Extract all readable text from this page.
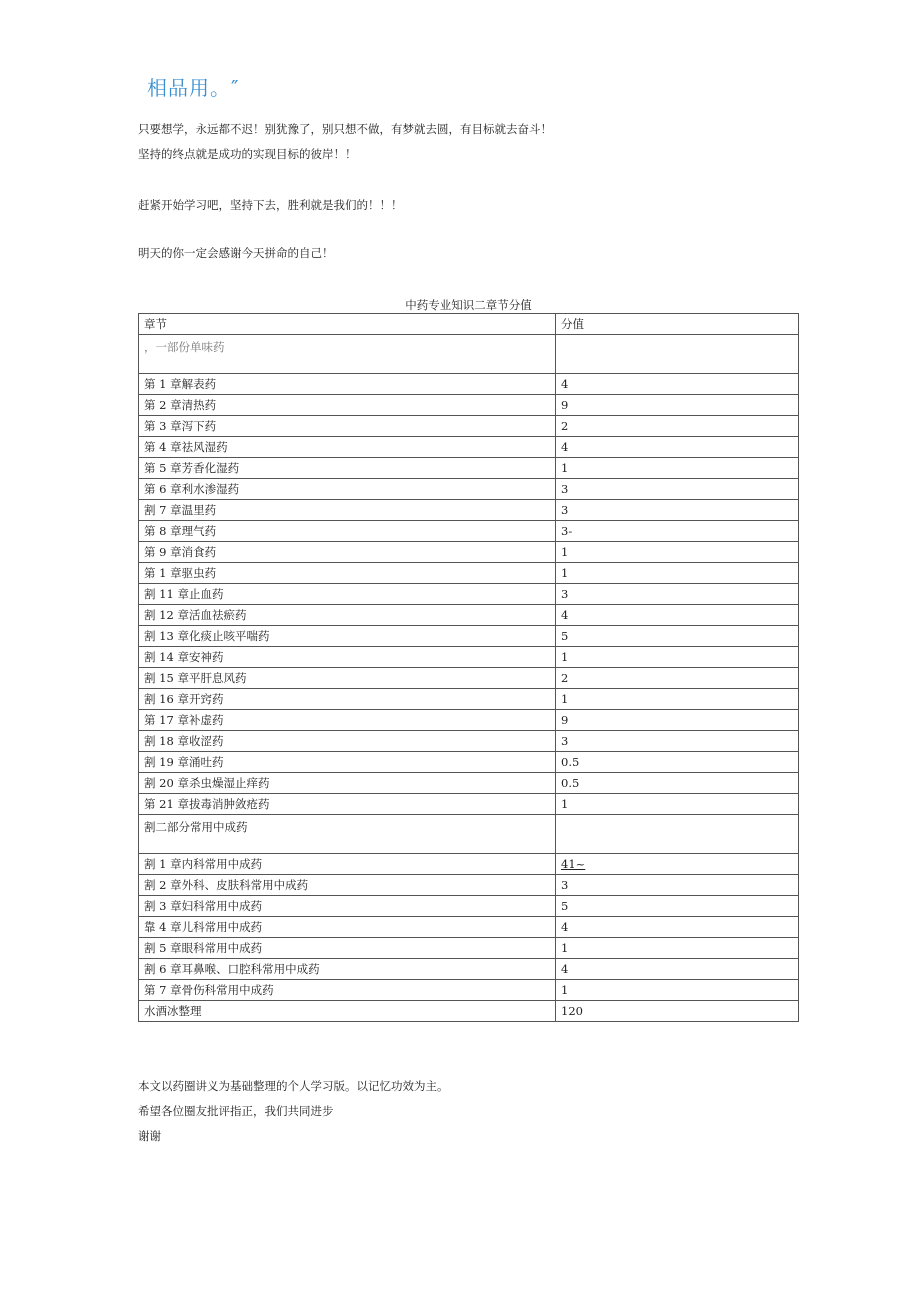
相品用。″
只要想学，永远都不迟！别犹豫了，别只想不做，有梦就去圆，有目标就去奋斗！
坚持的终点就是成功的实现目标的彼岸！！
赶紧开始学习吧，坚持下去，胜利就是我们的！！！
明天的你一定会感谢今天拼命的自己！
中药专业知识二章节分值
章节	分值
，一部份单味药	
第 1 章解表药	4
第 2 章清热药	9
第 3 章泻下药	2
第 4 章祛风湿药	4
第 5 章芳香化湿药	1
第 6 章利水渗湿药	3
割 7 章温里药	3
第 8 章理气药	3-
第 9 章消食药	1
第 1 章驱虫药	1
割 11 章止血药	3
割 12 章活血祛瘀药	4
割 13 章化痰止咳平喘药	5
割 14 章安神药	1
割 15 章平肝息风药	2
割 16 章开窍药	1
第 17 章补虚药	9
割 18 章收涩药	3
割 19 章涌吐药	0.5
割 20 章杀虫燥湿止痒药	0.5
第 21 章拔毒消肿敛疮药	1
割二部分常用中成药	
割 1 章内科常用中成药	41~
割 2 章外科、皮肤科常用中成药	3
割 3 章妇科常用中成药	5
靠 4 章儿科常用中成药	4
割 5 章眼科常用中成药	1
割 6 章耳鼻喉、口腔科常用中成药	4
第 7 章骨伤科常用中成药	1
水酒冰整理	120
本文以药圈讲义为基础整理的个人学习版。以记忆功效为主。
希望各位圈友批评指正，我们共同进步
谢谢
